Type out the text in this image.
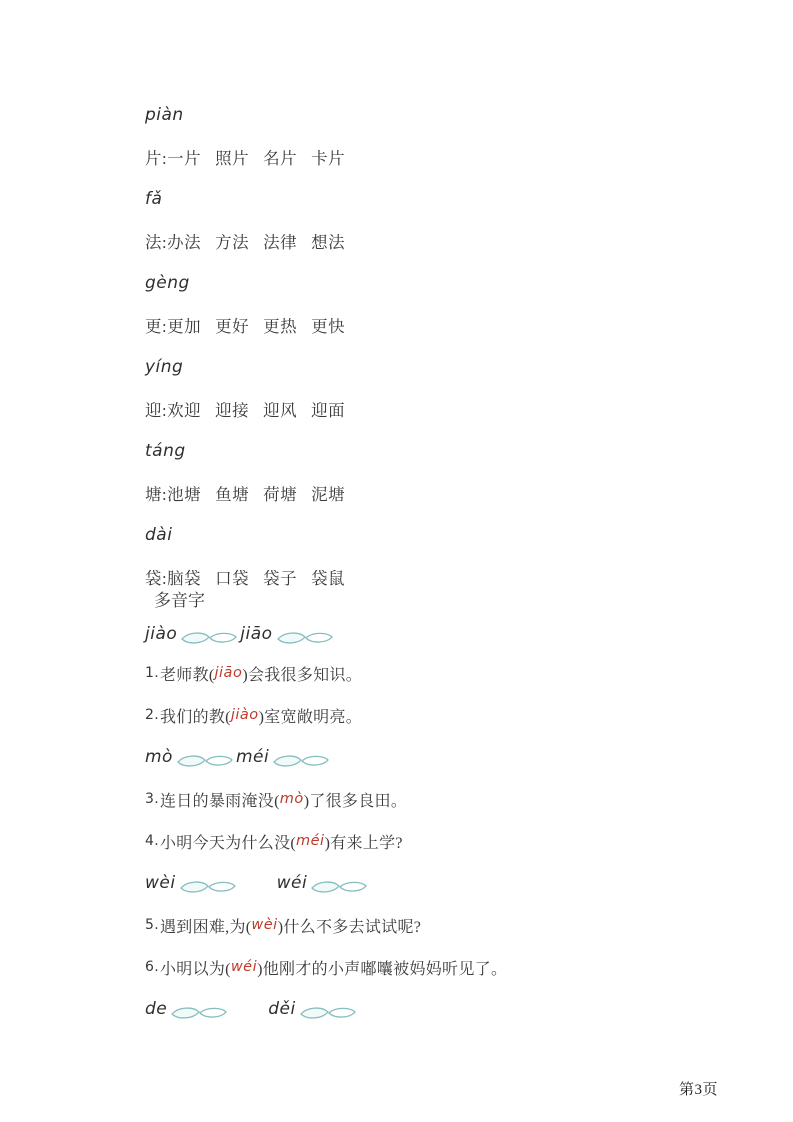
piàn
片: 一片 照片 名片 卡片
fǎ
法: 办法 方法 法律 想法
gèng
更: 更加 更好 更热 更快
yíng
迎: 欢迎 迎接 迎风 迎面
táng
塘: 池塘 鱼塘 荷塘 泥塘
dài
袋: 脑袋 口袋 袋子 袋鼠
多音字
jiào	jiāo
1. 老师教( jiāo )会我很多知识。
2. 我们的教( jiào )室宽敞明亮。
mò	méi
3. 连日的暴雨淹没( mò )了很多良田。
4. 小明今天为什么没( méi )有来上学?
wèi	wéi
5. 遇到困难,为( wèi )什么不多去试试呢?
6. 小明以为( wéi )他刚才的小声嘟囔被妈妈听见了。
de	děi
第3页
